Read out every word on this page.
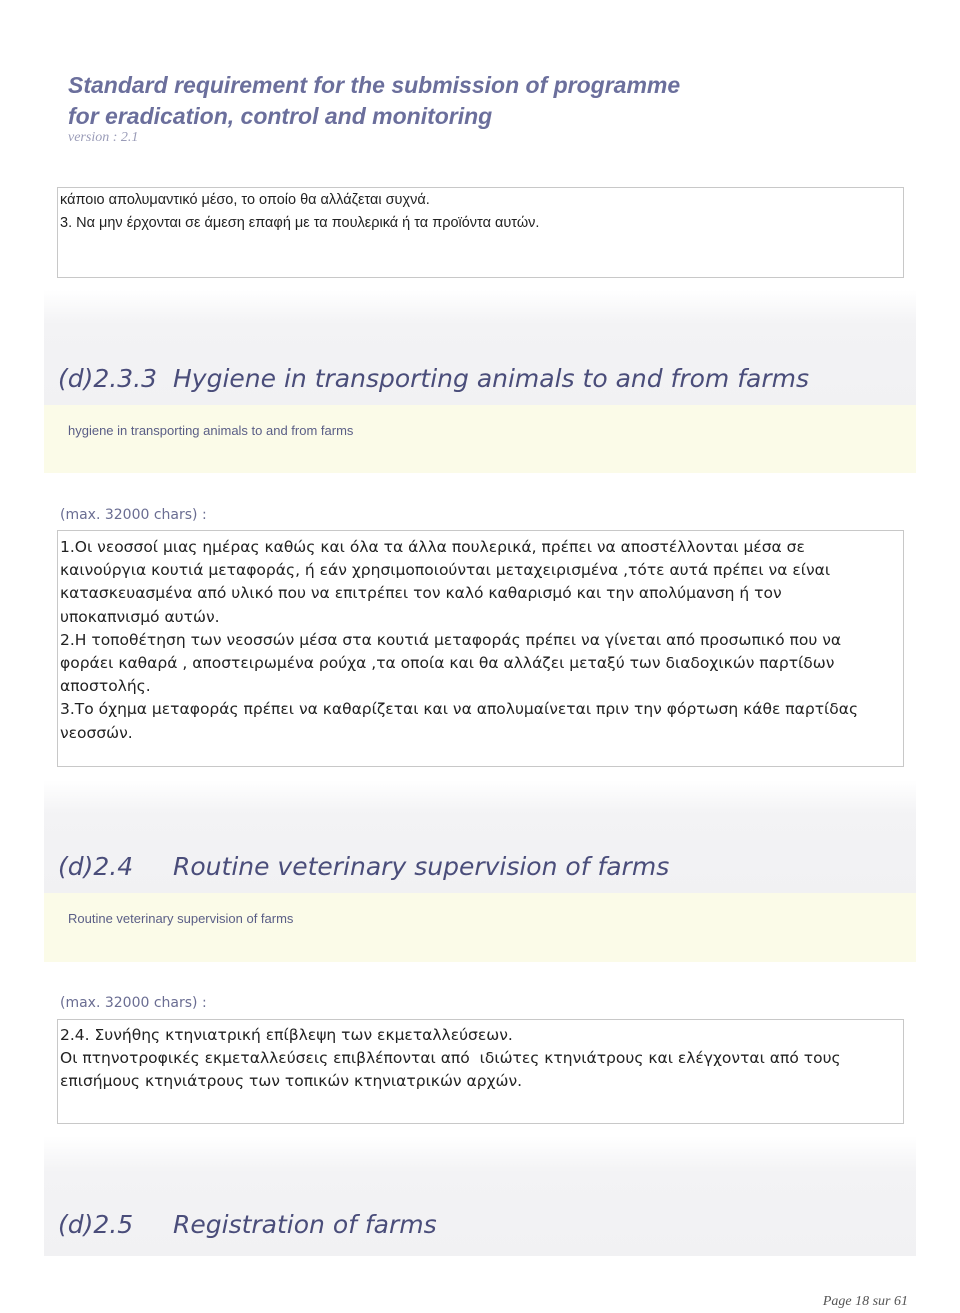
Standard requirement for the submission of programme
for eradication, control and monitoring
version : 2.1
κάποιο απολυμαντικό μέσο, το οποίο θα αλλάζεται συχνά.
3. Να μην έρχονται σε άμεση επαφή με τα πουλερικά ή τα προϊόντα αυτών.
(d)2.3.3 Hygiene in transporting animals to and from farms
hygiene in transporting animals to and from farms
(max. 32000 chars) :
1.Οι νεοσσοί μιας ημέρας καθώς και όλα τα άλλα πουλερικά, πρέπει να αποστέλλονται μέσα σε
καινούργια κουτιά μεταφοράς, ή εάν χρησιμοποιούνται μεταχειρισμένα ,τότε αυτά πρέπει να είναι
κατασκευασμένα από υλικό που να επιτρέπει τον καλό καθαρισμό και την απολύμανση ή τον
υποκαπνισμό αυτών.
2.Η τοποθέτηση των νεοσσών μέσα στα κουτιά μεταφοράς πρέπει να γίνεται από προσωπικό που να
φοράει καθαρά , αποστειρωμένα ρούχα ,τα οποία και θα αλλάζει μεταξύ των διαδοχικών παρτίδων
αποστολής.
3.Το όχημα μεταφοράς πρέπει να καθαρίζεται και να απολυμαίνεται πριν την φόρτωση κάθε παρτίδας
νεοσσών.
(d)2.4 Routine veterinary supervision of farms
Routine veterinary supervision of farms
(max. 32000 chars) :
2.4. Συνήθης κτηνιατρική επίβλεψη των εκμεταλλεύσεων.
Οι πτηνοτροφικές εκμεταλλεύσεις επιβλέπονται από  ιδιώτες κτηνιάτρους και ελέγχονται από τους
επισήμους κτηνιάτρους των τοπικών κτηνιατρικών αρχών.
(d)2.5 Registration of farms
Page 18 sur 61
